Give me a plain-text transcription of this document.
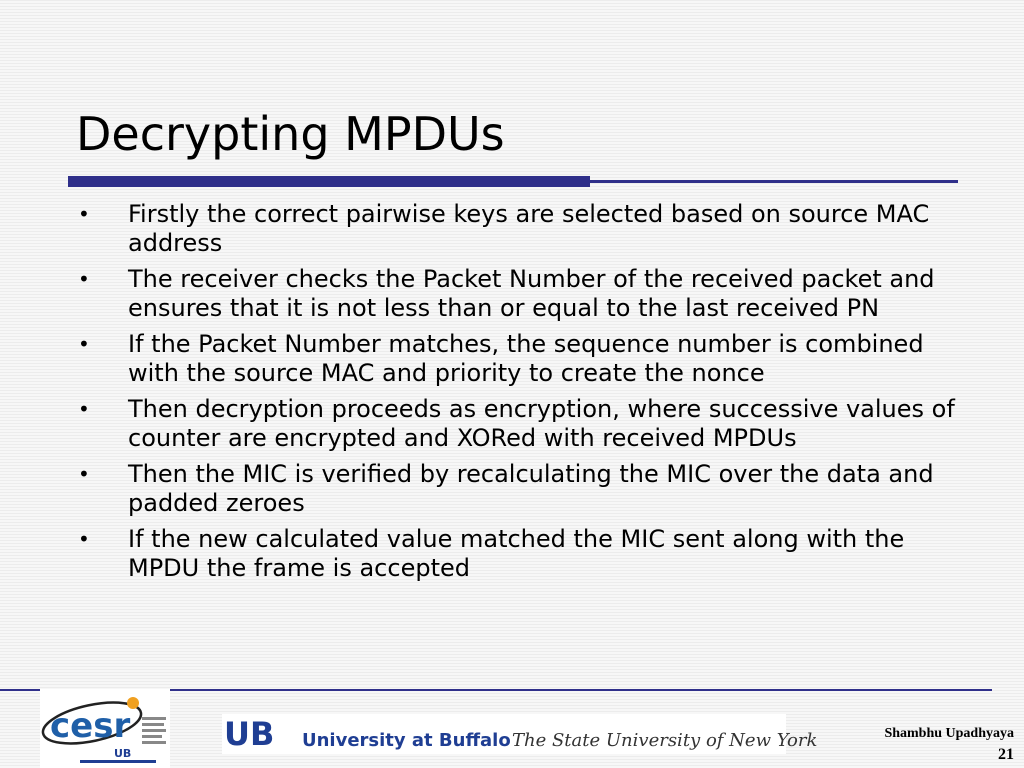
Decrypting MPDUs
•	Firstly the correct pairwise keys are selected based on source MAC address
•	The receiver checks the Packet Number of the received packet and ensures that it is not less than or equal to the last received PN
•	If the Packet Number matches, the sequence number is combined with the source MAC and priority to create the nonce
•	Then decryption proceeds as encryption, where successive values of counter are encrypted and XORed with received MPDUs
•	Then the MIC is verified by recalculating the MIC over the data and padded zeroes
•	If the new calculated value matched the MIC sent along with the MPDU the frame is accepted
cesr
UB
UB University at Buffalo The State University of New York	Shambhu Upadhyaya
21
